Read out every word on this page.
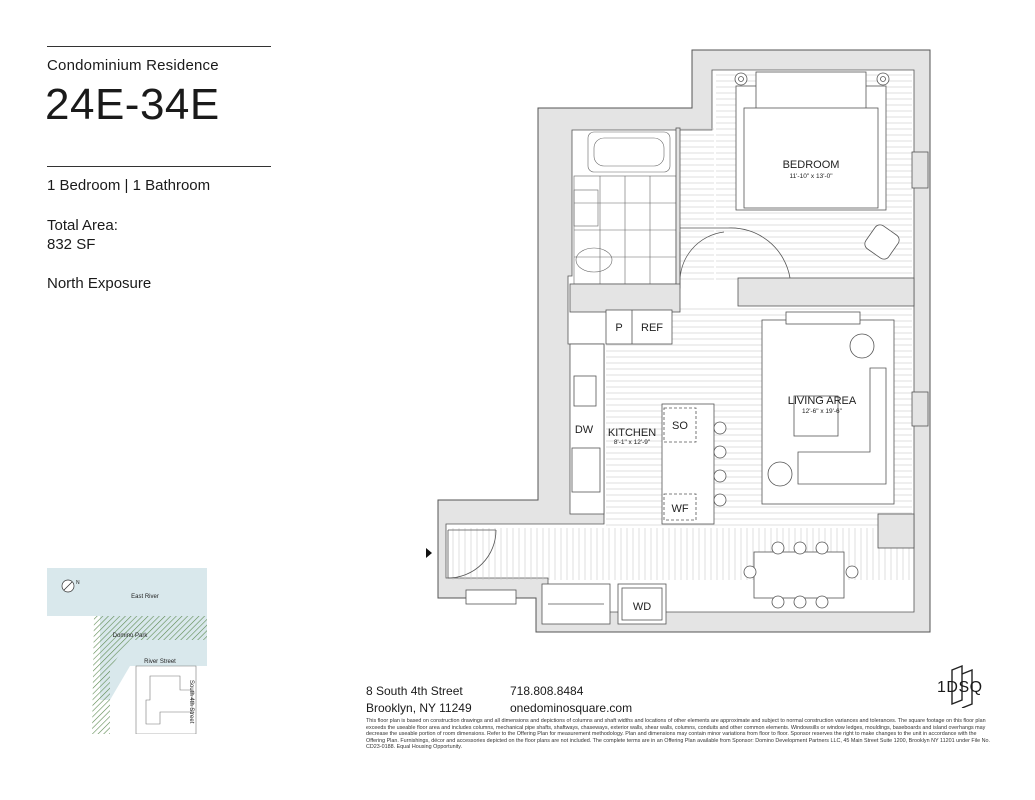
Condominium Residence
24E-34E
1 Bedroom | 1 Bathroom
Total Area:
832 SF
North Exposure
BEDROOM
11'-10" x 13'-0"
LIVING AREA
12'-6" x 19'-6"
KITCHEN
8'-1" x 12'-9"
P REF
DW	SO
WF
WD
N
East River
Domino Park
River Street
South 4th Street	8 South 4th Street
Brooklyn, NY 11249
718.808.8484
onedominosquare.com
1DSQ
This floor plan is based on construction drawings and all dimensions and depictions of columns and shaft widths and locations of other elements are approximate and subject to normal construction variances and tolerances. The square footage on this floor plan exceeds the useable floor area and includes columns, mechanical pipe shafts, shaftways, chaseways, exterior walls, shear walls, columns, conduits and other common elements. Windowsills or window ledges, mouldings, baseboards and island overhangs may decrease the useable portion of room dimensions. Refer to the Offering Plan for measurement methodology. Plan and dimensions may contain minor variations from floor to floor. Sponsor reserves the right to make changes to the unit in accordance with the Offering Plan. Furnishings, décor and accessories depicted on the floor plans are not included. The complete terms are in an Offering Plan available from Sponsor: Domino Development Partners LLC, 45 Main Street Suite 1200, Brooklyn NY 11201 under File No. CD23-0188. Equal Housing Opportunity.
